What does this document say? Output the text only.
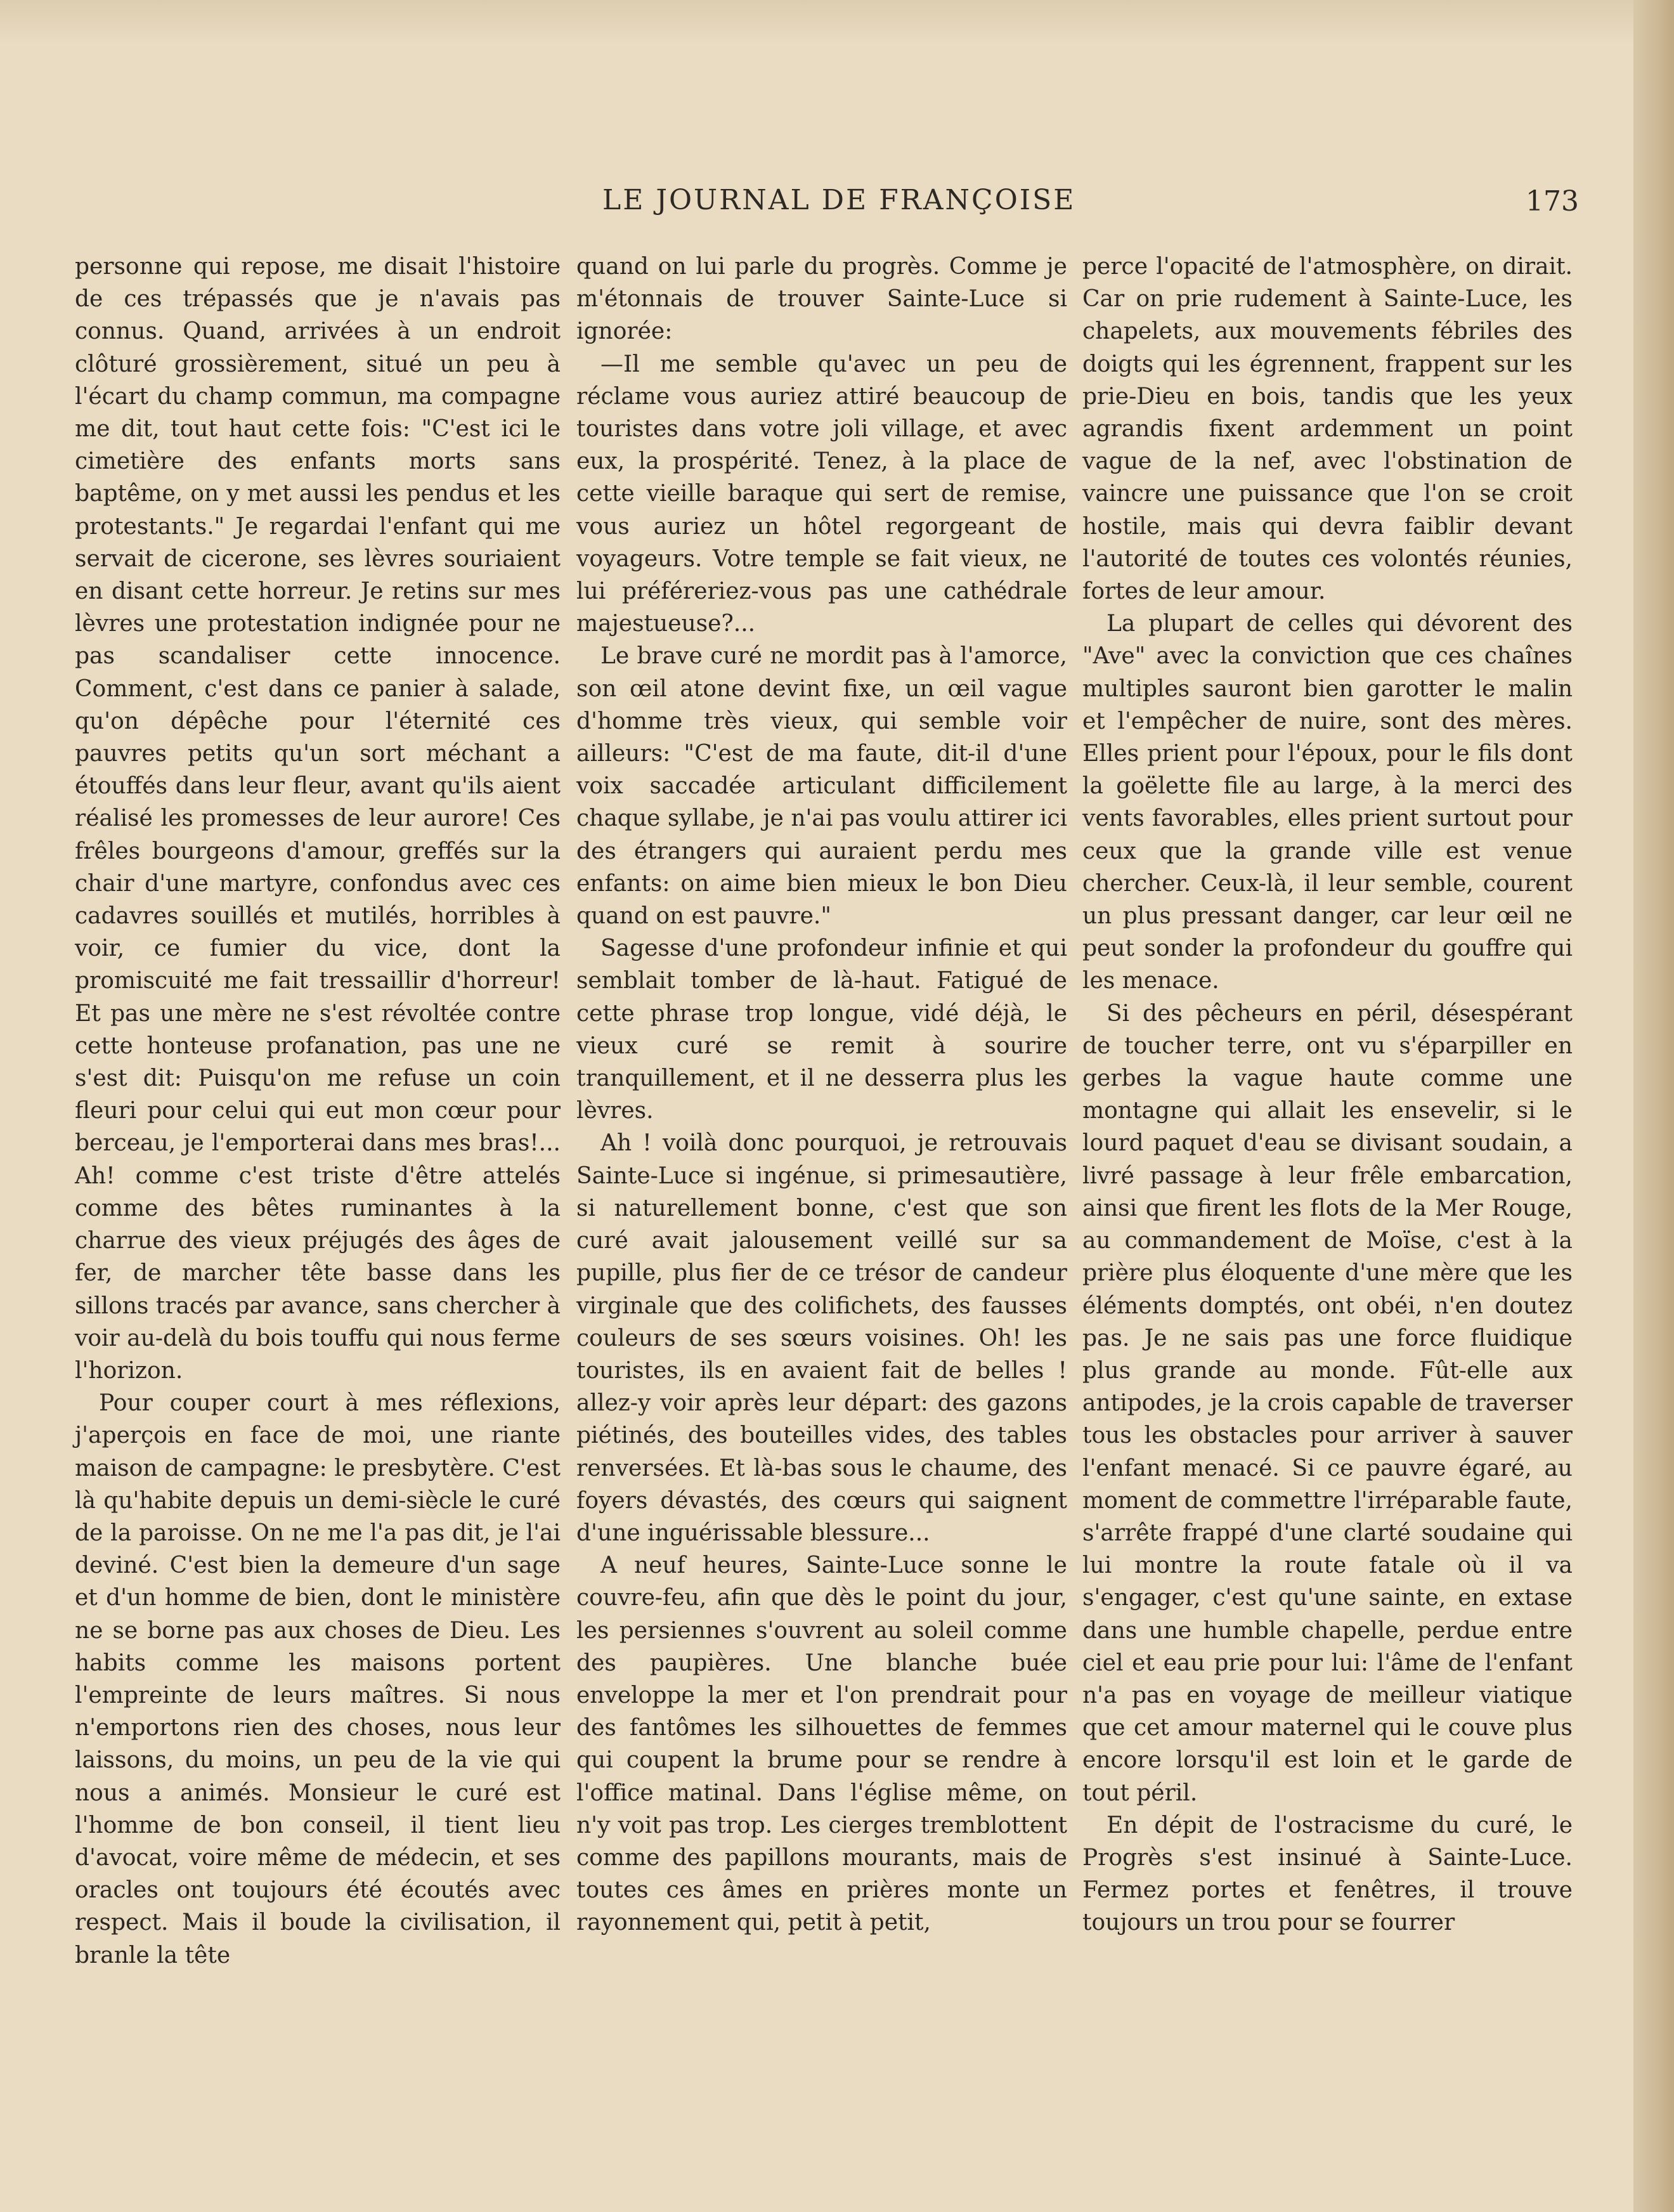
LE JOURNAL DE FRANÇOISE	173

personne qui repose, me disait l'histoire de ces trépassés que je n'avais pas connus. Quand, arrivées à un endroit clôturé grossièrement, situé un peu à l'écart du champ commun, ma compagne me dit, tout haut cette fois: "C'est ici le cimetière des enfants morts sans baptême, on y met aussi les pendus et les protestants." Je regardai l'enfant qui me servait de cicerone, ses lèvres souriaient en disant cette horreur. Je retins sur mes lèvres une protestation indignée pour ne pas scandaliser cette innocence. Comment, c'est dans ce panier à salade, qu'on dépêche pour l'éternité ces pauvres petits qu'un sort méchant a étouffés dans leur fleur, avant qu'ils aient réalisé les promesses de leur aurore! Ces frêles bourgeons d'amour, greffés sur la chair d'une martyre, confondus avec ces cadavres souillés et mutilés, horribles à voir, ce fumier du vice, dont la promiscuité me fait tressaillir d'horreur! Et pas une mère ne s'est révoltée contre cette honteuse profanation, pas une ne s'est dit: Puisqu'on me refuse un coin fleuri pour celui qui eut mon cœur pour berceau, je l'emporterai dans mes bras!... Ah! comme c'est triste d'être attelés comme des bêtes ruminantes à la charrue des vieux préjugés des âges de fer, de marcher tête basse dans les sillons tracés par avance, sans chercher à voir au-delà du bois touffu qui nous ferme l'horizon.

Pour couper court à mes réflexions, j'aperçois en face de moi, une riante maison de campagne: le presbytère. C'est là qu'habite depuis un demi-siècle le curé de la paroisse. On ne me l'a pas dit, je l'ai deviné. C'est bien la demeure d'un sage et d'un homme de bien, dont le ministère ne se borne pas aux choses de Dieu. Les habits comme les maisons portent l'empreinte de leurs maîtres. Si nous n'emportons rien des choses, nous leur laissons, du moins, un peu de la vie qui nous a animés. Monsieur le curé est l'homme de bon conseil, il tient lieu d'avocat, voire même de médecin, et ses oracles ont toujours été écoutés avec respect. Mais il boude la civilisation, il branle la tête

quand on lui parle du progrès. Comme je m'étonnais de trouver Sainte-Luce si ignorée:

—Il me semble qu'avec un peu de réclame vous auriez attiré beaucoup de touristes dans votre joli village, et avec eux, la prospérité. Tenez, à la place de cette vieille baraque qui sert de remise, vous auriez un hôtel regorgeant de voyageurs. Votre temple se fait vieux, ne lui préféreriez-vous pas une cathédrale majestueuse?...

Le brave curé ne mordit pas à l'amorce, son œil atone devint fixe, un œil vague d'homme très vieux, qui semble voir ailleurs: "C'est de ma faute, dit-il d'une voix saccadée articulant difficilement chaque syllabe, je n'ai pas voulu attirer ici des étrangers qui auraient perdu mes enfants: on aime bien mieux le bon Dieu quand on est pauvre."

Sagesse d'une profondeur infinie et qui semblait tomber de là-haut. Fatigué de cette phrase trop longue, vidé déjà, le vieux curé se remit à sourire tranquillement, et il ne desserra plus les lèvres.

Ah ! voilà donc pourquoi, je retrouvais Sainte-Luce si ingénue, si primesautière, si naturellement bonne, c'est que son curé avait jalousement veillé sur sa pupille, plus fier de ce trésor de candeur virginale que des colifichets, des fausses couleurs de ses sœurs voisines. Oh! les touristes, ils en avaient fait de belles ! allez-y voir après leur départ: des gazons piétinés, des bouteilles vides, des tables renversées. Et là-bas sous le chaume, des foyers dévastés, des cœurs qui saignent d'une inguérissable blessure...

A neuf heures, Sainte-Luce sonne le couvre-feu, afin que dès le point du jour, les persiennes s'ouvrent au soleil comme des paupières. Une blanche buée enveloppe la mer et l'on prendrait pour des fantômes les silhouettes de femmes qui coupent la brume pour se rendre à l'office matinal. Dans l'église même, on n'y voit pas trop. Les cierges tremblottent comme des papillons mourants, mais de toutes ces âmes en prières monte un rayonnement qui, petit à petit,

perce l'opacité de l'atmosphère, on dirait. Car on prie rudement à Sainte-Luce, les chapelets, aux mouvements fébriles des doigts qui les égrennent, frappent sur les prie-Dieu en bois, tandis que les yeux agrandis fixent ardemment un point vague de la nef, avec l'obstination de vaincre une puissance que l'on se croit hostile, mais qui devra faiblir devant l'autorité de toutes ces volontés réunies, fortes de leur amour.

La plupart de celles qui dévorent des "Ave" avec la conviction que ces chaînes multiples sauront bien garotter le malin et l'empêcher de nuire, sont des mères. Elles prient pour l'époux, pour le fils dont la goëlette file au large, à la merci des vents favorables, elles prient surtout pour ceux que la grande ville est venue chercher. Ceux-là, il leur semble, courent un plus pressant danger, car leur œil ne peut sonder la profondeur du gouffre qui les menace.

Si des pêcheurs en péril, désespérant de toucher terre, ont vu s'éparpiller en gerbes la vague haute comme une montagne qui allait les ensevelir, si le lourd paquet d'eau se divisant soudain, a livré passage à leur frêle embarcation, ainsi que firent les flots de la Mer Rouge, au commandement de Moïse, c'est à la prière plus éloquente d'une mère que les éléments domptés, ont obéi, n'en doutez pas. Je ne sais pas une force fluidique plus grande au monde. Fût-elle aux antipodes, je la crois capable de traverser tous les obstacles pour arriver à sauver l'enfant menacé. Si ce pauvre égaré, au moment de commettre l'irréparable faute, s'arrête frappé d'une clarté soudaine qui lui montre la route fatale où il va s'engager, c'est qu'une sainte, en extase dans une humble chapelle, perdue entre ciel et eau prie pour lui: l'âme de l'enfant n'a pas en voyage de meilleur viatique que cet amour maternel qui le couve plus encore lorsqu'il est loin et le garde de tout péril.

En dépit de l'ostracisme du curé, le Progrès s'est insinué à Sainte-Luce. Fermez portes et fenêtres, il trouve toujours un trou pour se fourrer
